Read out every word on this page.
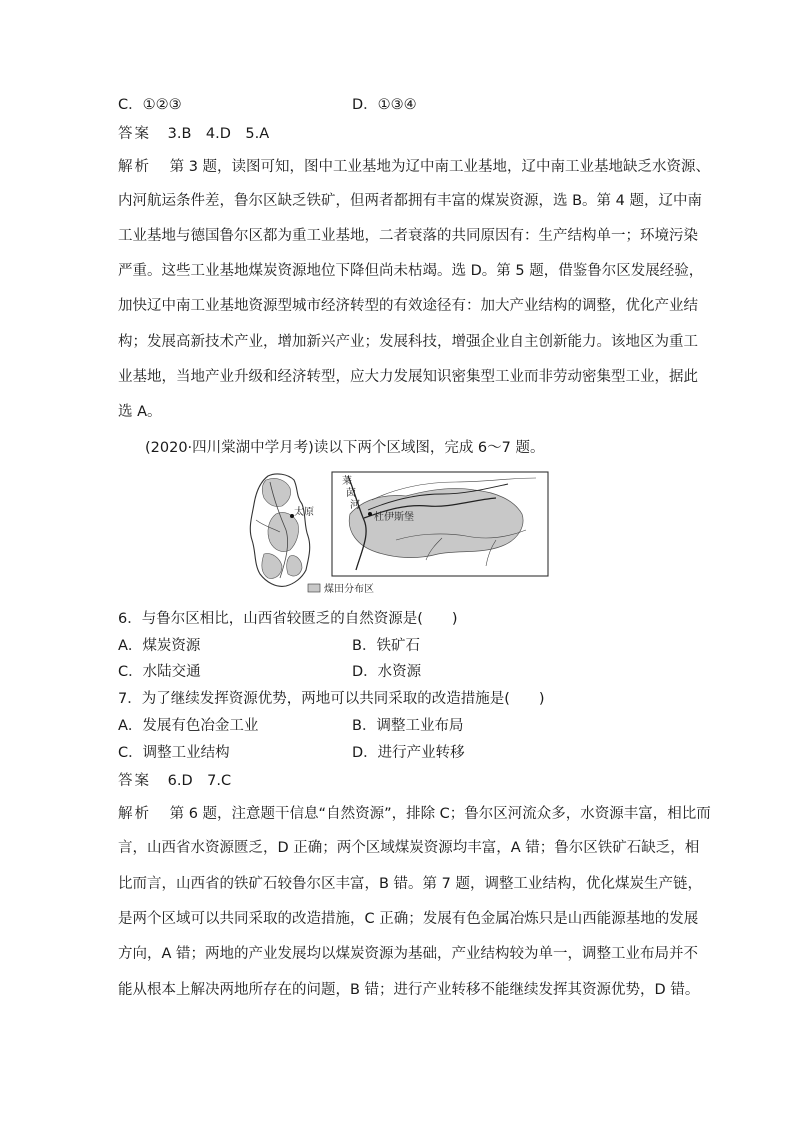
C．①②③	D．①③④
答案 3.B　4.D　5.A
解析 第 3 题，读图可知，图中工业基地为辽中南工业基地，辽中南工业基地缺乏水资源、
内河航运条件差，鲁尔区缺乏铁矿，但两者都拥有丰富的煤炭资源，选 B。第 4 题，辽中南
工业基地与德国鲁尔区都为重工业基地，二者衰落的共同原因有：生产结构单一；环境污染
严重。这些工业基地煤炭资源地位下降但尚未枯竭。选 D。第 5 题，借鉴鲁尔区发展经验，
加快辽中南工业基地资源型城市经济转型的有效途径有：加大产业结构的调整，优化产业结
构；发展高新技术产业，增加新兴产业；发展科技，增强企业自主创新能力。该地区为重工
业基地，当地产业升级和经济转型，应大力发展知识密集型工业而非劳动密集型工业，据此
选 A。
(2020·四川棠湖中学月考)读以下两个区域图，完成 6～7 题。
太原
莱
茵
河
杜伊斯堡
煤田分布区
6．与鲁尔区相比，山西省较匮乏的自然资源是(　　)
A．煤炭资源	B．铁矿石
C．水陆交通	D．水资源
7．为了继续发挥资源优势，两地可以共同采取的改造措施是(　　)
A．发展有色冶金工业	B．调整工业布局
C．调整工业结构	D．进行产业转移
答案 6.D　7.C
解析 第 6 题，注意题干信息“自然资源”，排除 C；鲁尔区河流众多，水资源丰富，相比而
言，山西省水资源匮乏，D 正确；两个区域煤炭资源均丰富，A 错；鲁尔区铁矿石缺乏，相
比而言，山西省的铁矿石较鲁尔区丰富，B 错。第 7 题，调整工业结构，优化煤炭生产链，
是两个区域可以共同采取的改造措施，C 正确；发展有色金属冶炼只是山西能源基地的发展
方向，A 错；两地的产业发展均以煤炭资源为基础，产业结构较为单一，调整工业布局并不
能从根本上解决两地所存在的问题，B 错；进行产业转移不能继续发挥其资源优势，D 错。
